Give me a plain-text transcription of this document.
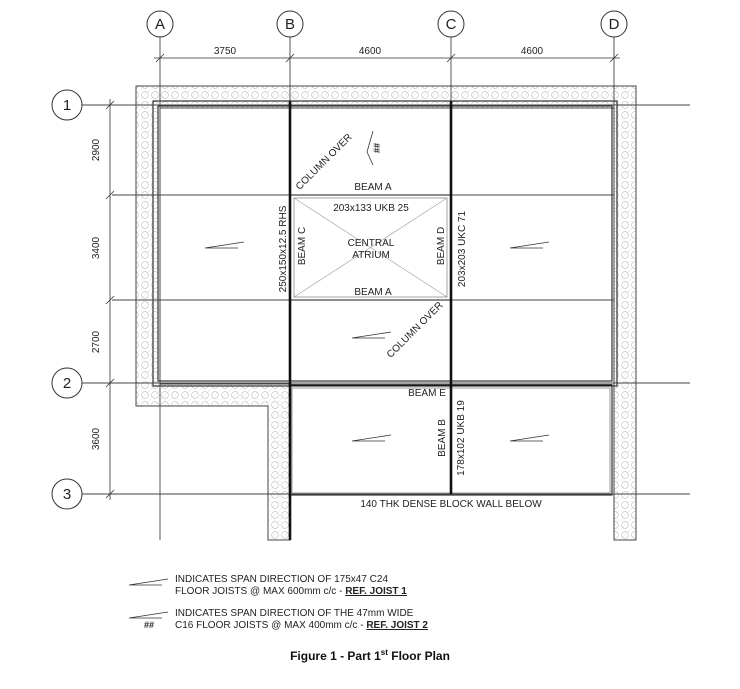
A	B	C	D
1
2
3
3750	4600	4600
2900
3400
2700
3600
##
BEAM A
203x133 UKB 25
BEAM A
CENTRAL
ATRIUM
BEAM C
250x150x12.5 RHS	BEAM D 203x203 UKC 71
COLUMN OVER
COLUMN OVER
BEAM E
BEAM B 178x102 UKB 19
140 THK DENSE BLOCK WALL BELOW
##
INDICATES SPAN DIRECTION OF 175x47 C24
FLOOR JOISTS @ MAX 600mm c/c - REF. JOIST 1
INDICATES SPAN DIRECTION OF THE 47mm WIDE
C16 FLOOR JOISTS @ MAX 400mm c/c - REF. JOIST 2
Figure 1 - Part 1st Floor Plan
